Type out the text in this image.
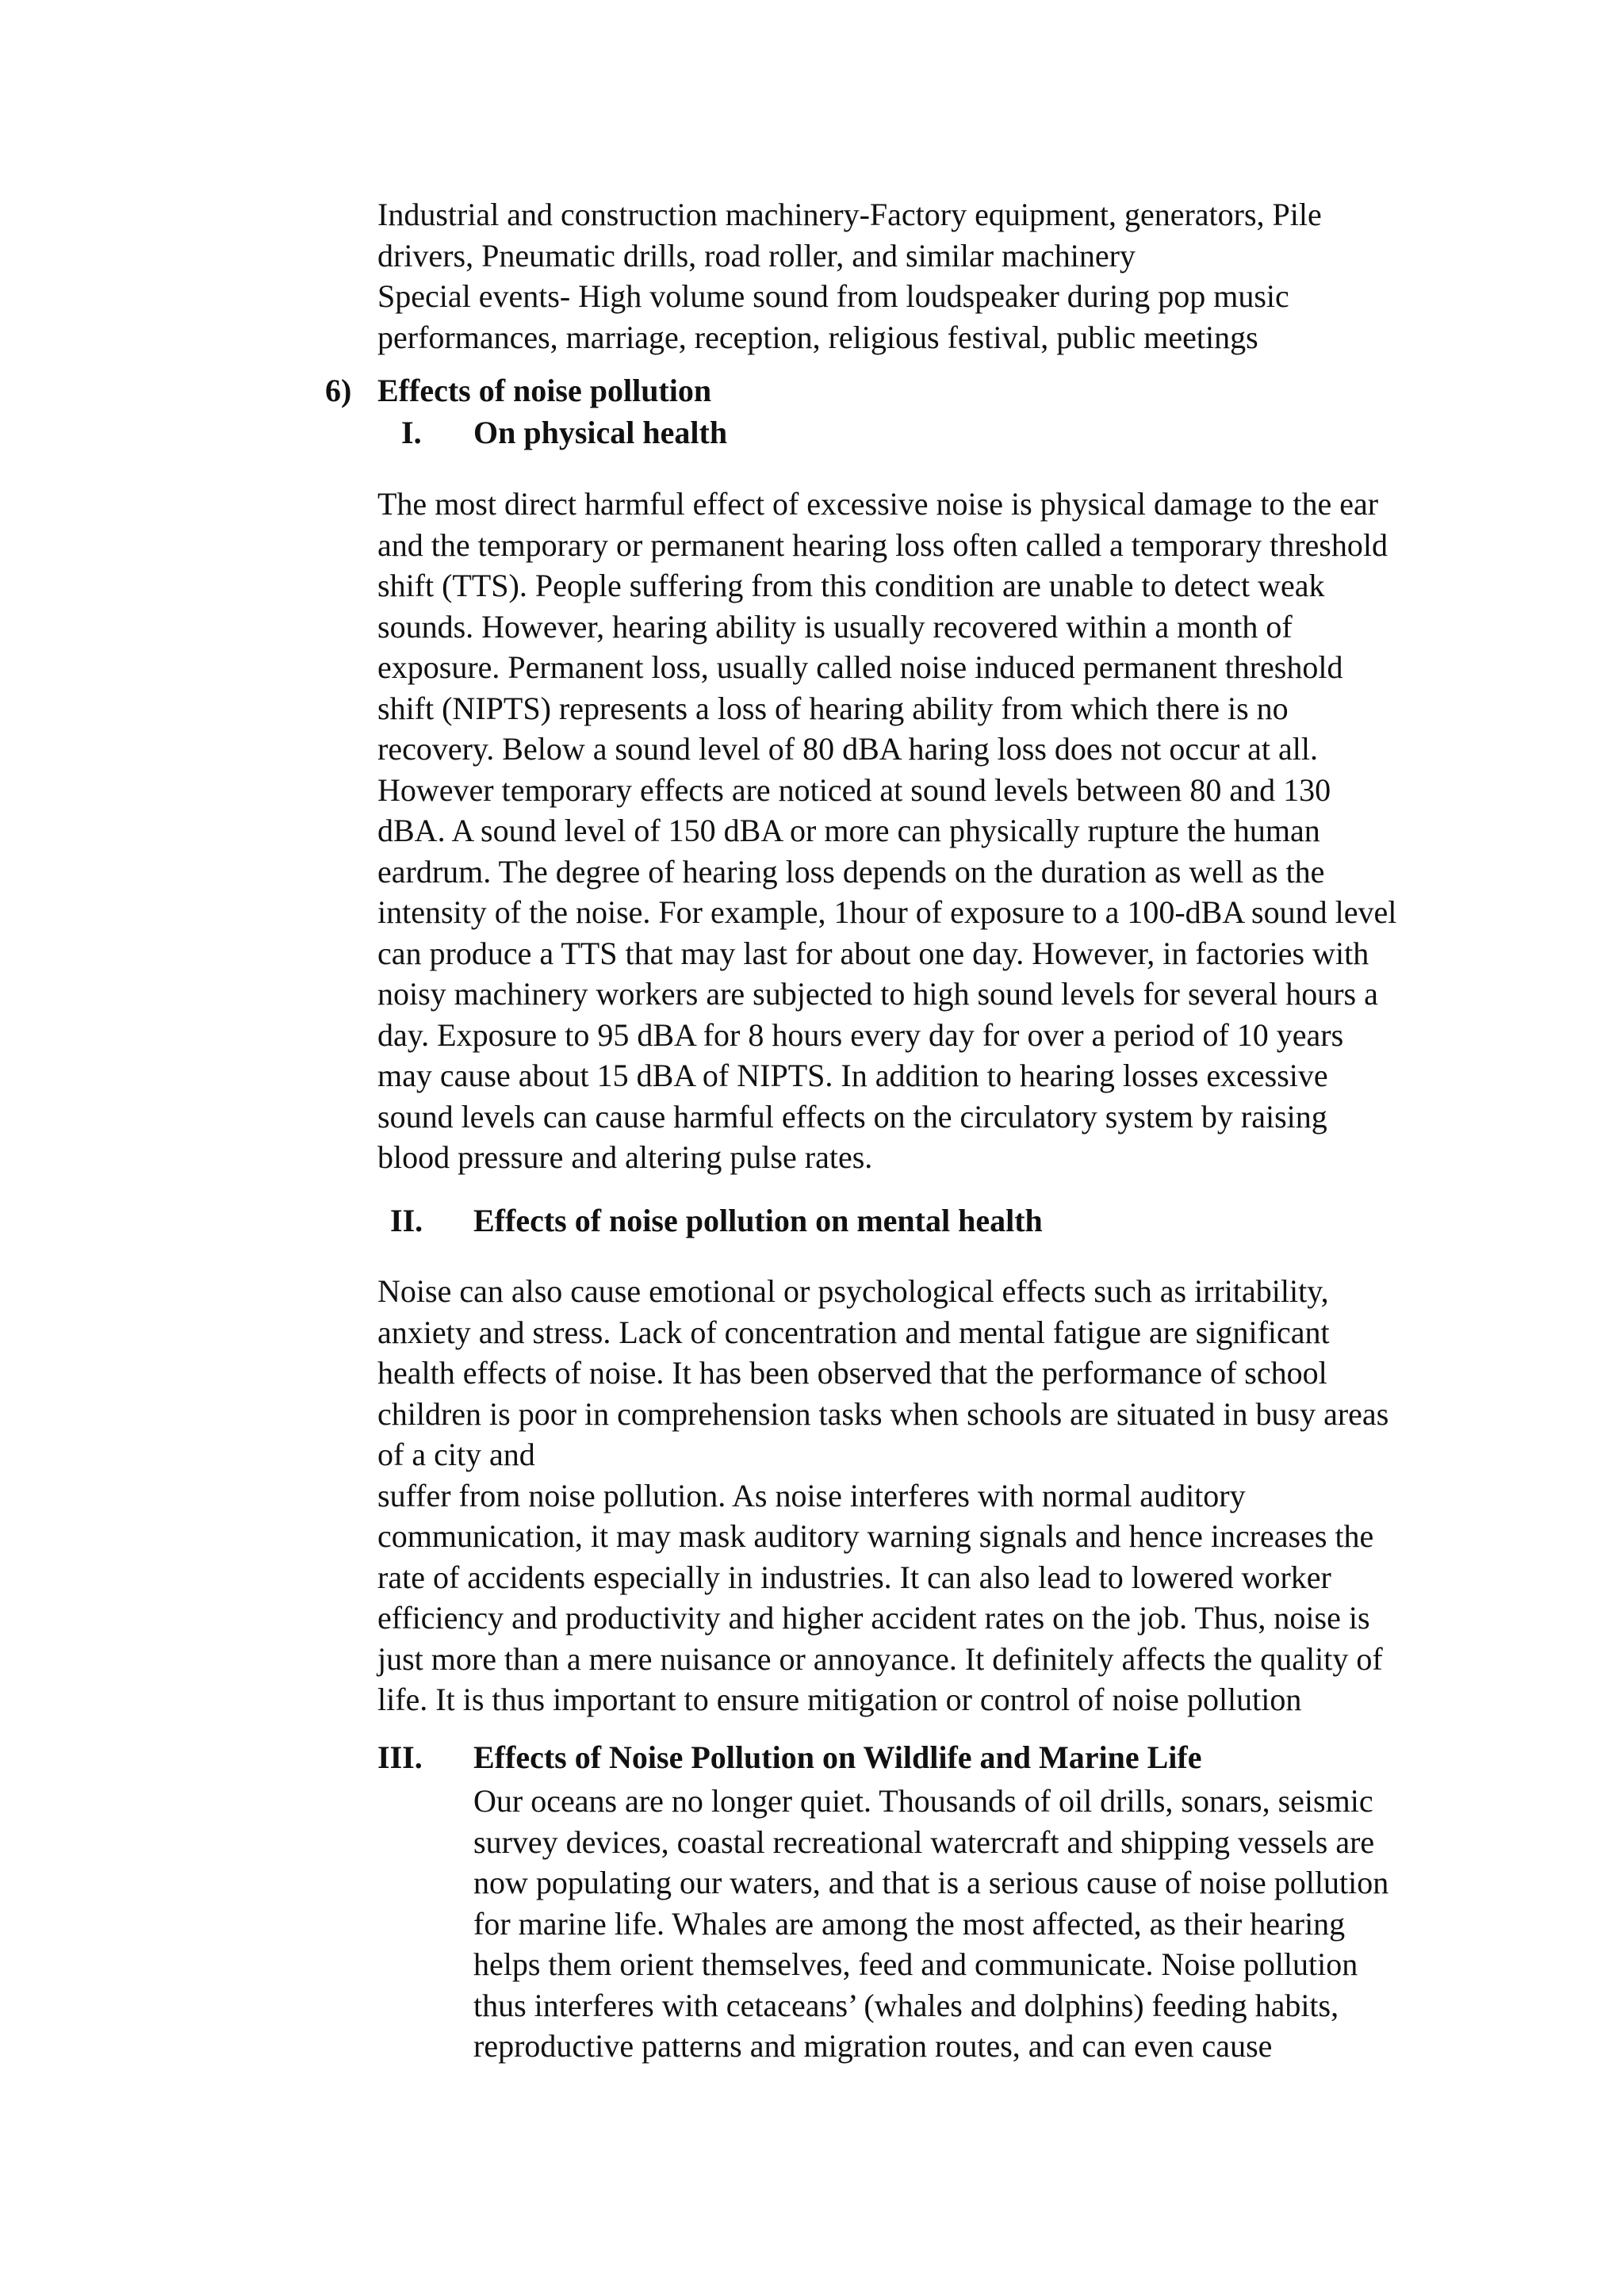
Industrial and construction machinery-Factory equipment, generators, Pile
drivers, Pneumatic drills, road roller, and similar machinery
Special events- High volume sound from loudspeaker during pop music
performances, marriage, reception, religious festival, public meetings
6) Effects of noise pollution
I. On physical health
The most direct harmful effect of excessive noise is physical damage to the ear
and the temporary or permanent hearing loss often called a temporary threshold
shift (TTS). People suffering from this condition are unable to detect weak
sounds. However, hearing ability is usually recovered within a month of
exposure. Permanent loss, usually called noise induced permanent threshold
shift (NIPTS) represents a loss of hearing ability from which there is no
recovery. Below a sound level of 80 dBA haring loss does not occur at all.
However temporary effects are noticed at sound levels between 80 and 130
dBA. A sound level of 150 dBA or more can physically rupture the human
eardrum. The degree of hearing loss depends on the duration as well as the
intensity of the noise. For example, 1hour of exposure to a 100-dBA sound level
can produce a TTS that may last for about one day. However, in factories with
noisy machinery workers are subjected to high sound levels for several hours a
day. Exposure to 95 dBA for 8 hours every day for over a period of 10 years
may cause about 15 dBA of NIPTS. In addition to hearing losses excessive
sound levels can cause harmful effects on the circulatory system by raising
blood pressure and altering pulse rates.
II. Effects of noise pollution on mental health
Noise can also cause emotional or psychological effects such as irritability,
anxiety and stress. Lack of concentration and mental fatigue are significant
health effects of noise. It has been observed that the performance of school
children is poor in comprehension tasks when schools are situated in busy areas
of a city and
suffer from noise pollution. As noise interferes with normal auditory
communication, it may mask auditory warning signals and hence increases the
rate of accidents especially in industries. It can also lead to lowered worker
efficiency and productivity and higher accident rates on the job. Thus, noise is
just more than a mere nuisance or annoyance. It definitely affects the quality of
life. It is thus important to ensure mitigation or control of noise pollution
III. Effects of Noise Pollution on Wildlife and Marine Life
Our oceans are no longer quiet. Thousands of oil drills, sonars, seismic
survey devices, coastal recreational watercraft and shipping vessels are
now populating our waters, and that is a serious cause of noise pollution
for marine life. Whales are among the most affected, as their hearing
helps them orient themselves, feed and communicate. Noise pollution
thus interferes with cetaceans’ (whales and dolphins) feeding habits,
reproductive patterns and migration routes, and can even cause
